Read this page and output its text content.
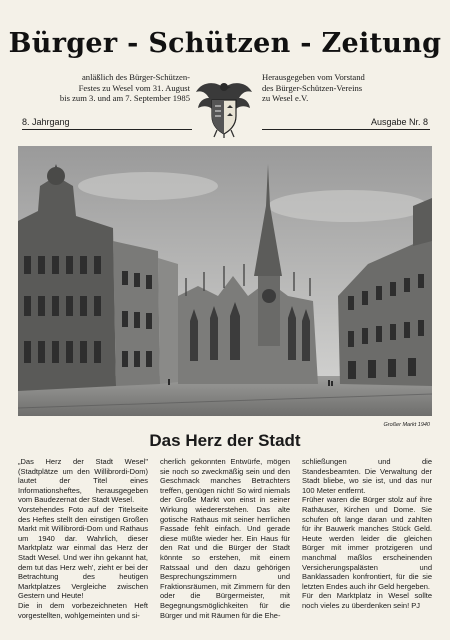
Bürger - Schützen - Zeitung
anläßlich des Bürger-Schützen-
Festes zu Wesel vom 31. August
bis zum 3. und am 7. September 1985
Herausgegeben vom Vorstand
des Bürger-Schützen-Vereins
zu Wesel e.V.
8. Jahrgang	Ausgabe Nr. 8
Großer Markt 1940
Das Herz der Stadt

„Das Herz der Stadt Wesel" (Stadtplätze um den Willibrordi-Dom) lautet der Titel eines Informationsheftes, herausgegeben vom Baudezernat der Stadt Wesel.
Vorstehendes Foto auf der Titelseite des Heftes stellt den einstigen Großen Markt mit Willibrordi-Dom und Rathaus um 1940 dar. Wahrlich, dieser Marktplatz war einmal das Herz der Stadt Wesel. Und wer ihn gekannt hat, dem tut das Herz weh', zieht er bei der Betrachtung des heutigen Marktplatzes Vergleiche zwischen Gestern und Heute!
Die in dem vorbezeichneten Heft vorgestellten, wohlgemeinten und si-

cherlich gekonnten Entwürfe, mögen sie noch so zweckmäßig sein und den Geschmack manches Betrachters treffen, genügen nicht! So wird niemals der Große Markt von einst in seiner Wirkung wiedererstehen. Das alte gotische Rathaus mit seiner herrlichen Fassade fehlt einfach. Und gerade diese müßte wieder her. Ein Haus für den Rat und die Bürger der Stadt könnte so erstehen, mit einem Ratssaal und den dazu gehörigen Besprechungszimmern und Fraktionsräumen, mit Zimmern für den oder die Bürgermeister, mit Begegnungsmöglichkeiten für die Bürger und mit Räumen für die Ehe-

schließungen und die Standesbeamten. Die Verwaltung der Stadt bliebe, wo sie ist, und das nur 100 Meter entfernt.
Früher waren die Bürger stolz auf ihre Rathäuser, Kirchen und Dome. Sie schufen oft lange daran und zahlten für ihr Bauwerk manches Stück Geld. Heute werden leider die gleichen Bürger mit immer protzigeren und manchmal maßlos erscheinenden Versicherungspalästen und Banklassaden konfrontiert, für die sie letzten Endes auch ihr Geld hergeben.
Für den Marktplatz in Wesel sollte noch vieles zu überdenken sein! PJ
